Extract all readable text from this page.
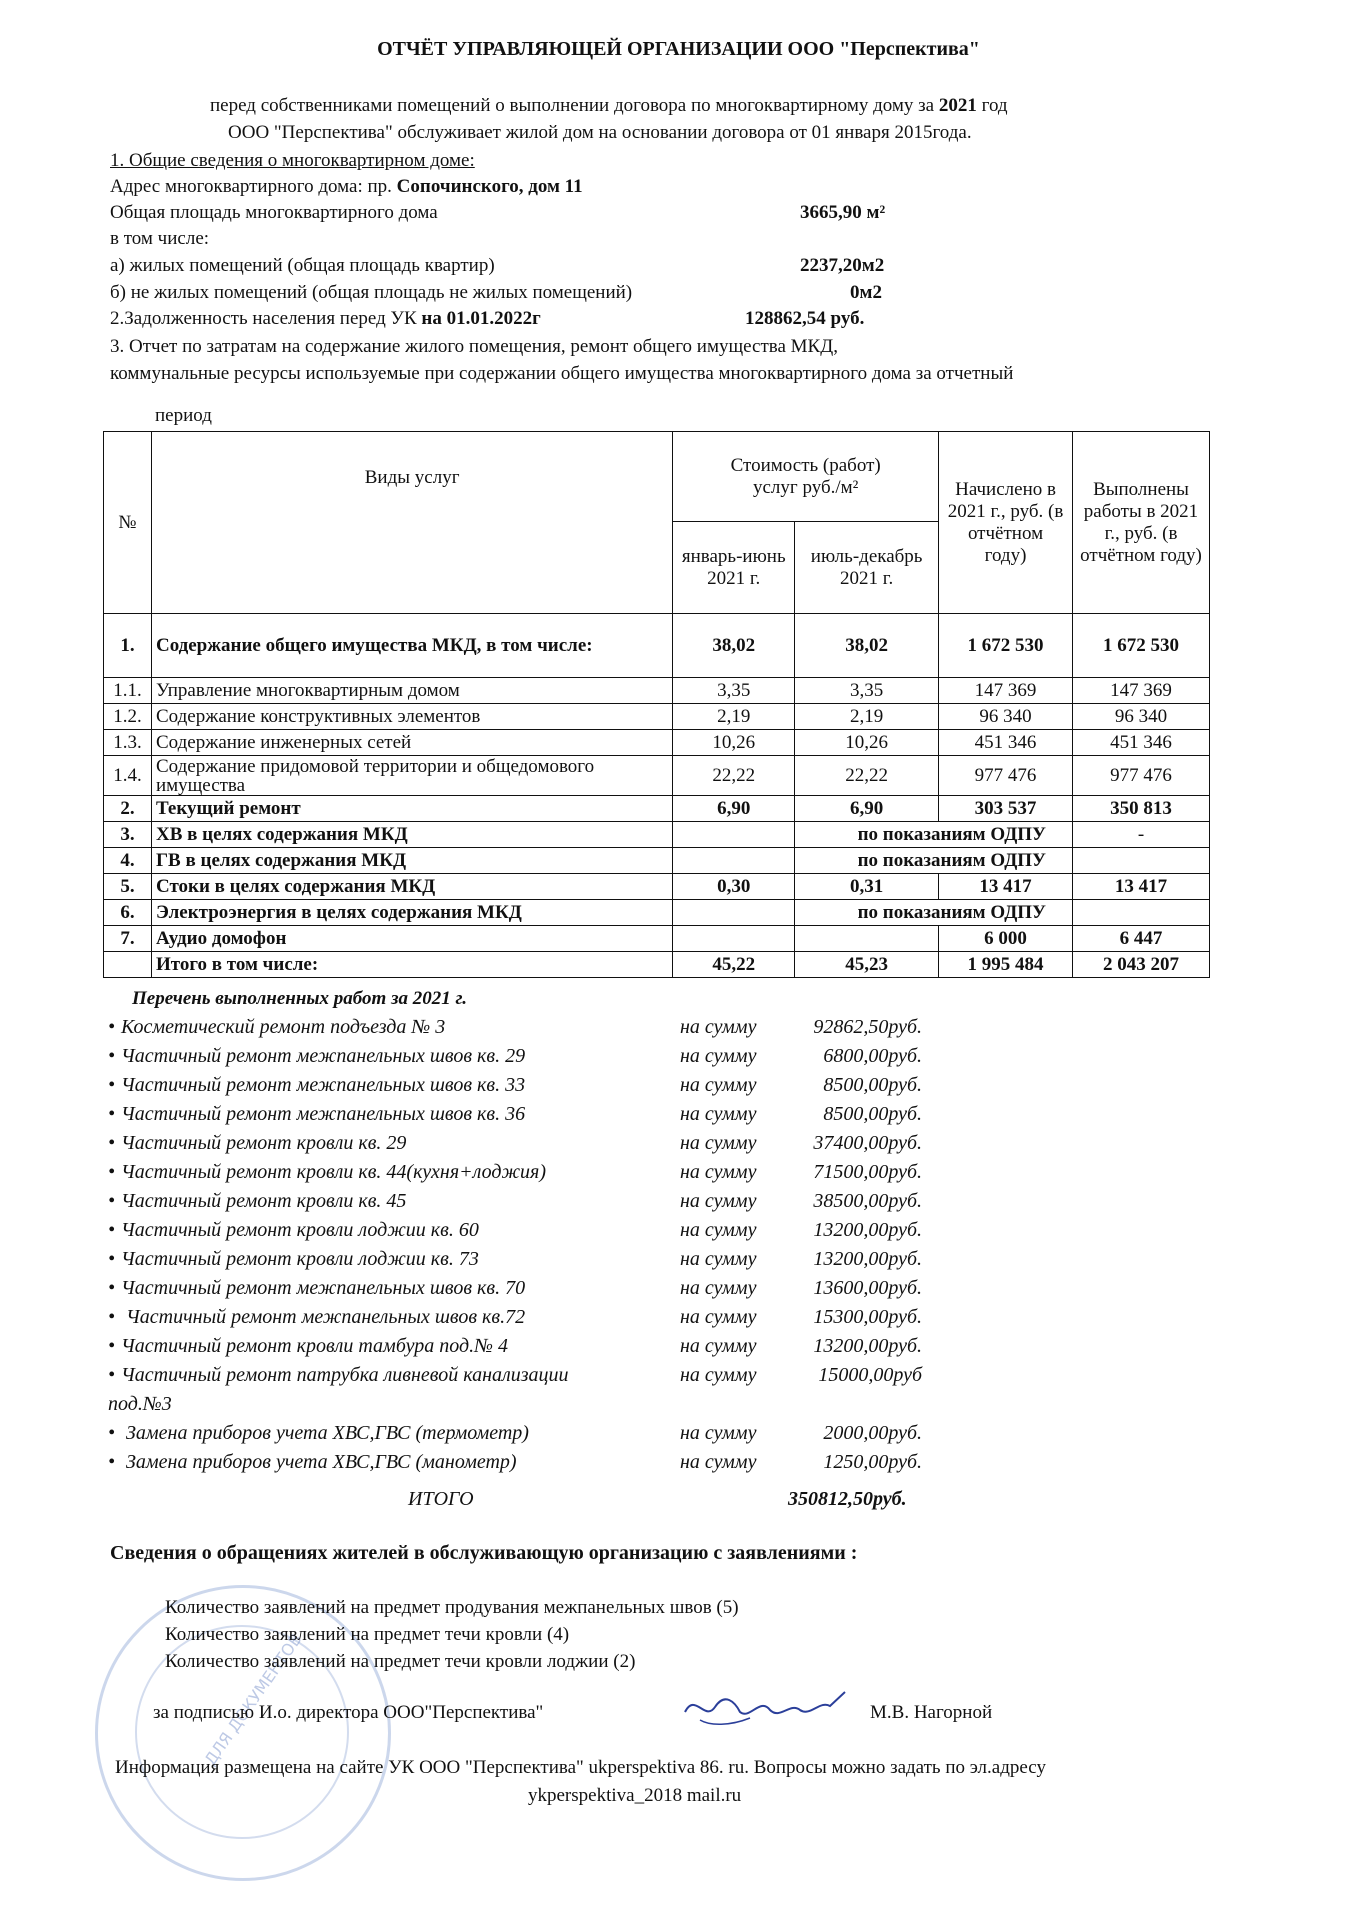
ОТЧЁТ УПРАВЛЯЮЩЕЙ ОРГАНИЗАЦИИ ООО "Перспектива"
перед собственниками помещений о выполнении договора по многоквартирному дому за 2021 год
ООО "Перспектива" обслуживает жилой дом на основании договора от 01 января 2015года.
1. Общие сведения о многоквартирном доме:
Адрес многоквартирного дома: пр. Сопочинского, дом 11
Общая площадь многоквартирного дома	3665,90 м²
в том числе:
а) жилых помещений (общая площадь квартир)	2237,20м2
б) не жилых помещений (общая площадь не жилых помещений)	0м2
2.Задолженность населения перед УК на 01.01.2022г	128862,54 руб.
3. Отчет по затратам на содержание жилого помещения, ремонт общего имущества МКД,
коммунальные ресурсы используемые при содержании общего имущества многоквартирного дома за отчетный
период
№	Виды услуг	Стоимость (работ) услуг руб./м²		Начислено в 2021 г., руб. (в отчётном году)	Выполнены работы в 2021 г., руб. (в отчётном году)
		январь-июнь 2021 г.	июль-декабрь 2021 г.		
1.	Содержание общего имущества МКД, в том числе:	38,02	38,02	1 672 530	1 672 530
1.1.	Управление многоквартирным домом	3,35	3,35	147 369	147 369
1.2.	Содержание конструктивных элементов	2,19	2,19	96 340	96 340
1.3.	Содержание инженерных сетей	10,26	10,26	451 346	451 346
1.4.	Содержание придомовой территории и общедомового имущества	22,22	22,22	977 476	977 476
2.	Текущий ремонт	6,90	6,90	303 537	350 813
3.	ХВ в целях содержания МКД		по показаниям ОДПУ		-
4.	ГВ в целях содержания МКД		по показаниям ОДПУ		
5.	Стоки в целях содержания МКД	0,30	0,31	13 417	13 417
6.	Электроэнергия в целях содержания МКД		по показаниям ОДПУ		
7.	Аудио домофон			6 000	6 447
	Итого в том числе:	45,22	45,23	1 995 484	2 043 207
Перечень выполненных работ за 2021 г.
• Косметический ремонт подъезда № 3	на сумму	92862,50руб.
• Частичный ремонт межпанельных швов кв. 29	на сумму	6800,00руб.
• Частичный ремонт межпанельных швов кв. 33	на сумму	8500,00руб.
• Частичный ремонт межпанельных швов кв. 36	на сумму	8500,00руб.
• Частичный ремонт кровли кв. 29	на сумму	37400,00руб.
• Частичный ремонт кровли кв. 44(кухня+лоджия)	на сумму	71500,00руб.
• Частичный ремонт кровли кв. 45	на сумму	38500,00руб.
• Частичный ремонт кровли лоджии кв. 60	на сумму	13200,00руб.
• Частичный ремонт кровли лоджии кв. 73	на сумму	13200,00руб.
• Частичный ремонт межпанельных швов кв. 70	на сумму	13600,00руб.
• Частичный ремонт межпанельных швов кв.72	на сумму	15300,00руб.
• Частичный ремонт кровли тамбура под.№ 4	на сумму	13200,00руб.
• Частичный ремонт патрубка ливневой канализации	на сумму	15000,00руб
под.№3
• Замена приборов учета ХВС,ГВС (термометр)	на сумму	2000,00руб.
• Замена приборов учета ХВС,ГВС (манометр)	на сумму	1250,00руб.
ИТОГО	350812,50руб.
ДЛЯ ДОКУМЕНТОВ
Сведения о обращениях жителей в обслуживающую организацию с заявлениями :
Количество заявлений на предмет продувания межпанельных швов (5)
Количество заявлений на предмет течи кровли (4)
Количество заявлений на предмет течи кровли лоджии (2)
за подписью И.о. директора ООО"Перспектива"	М.В. Нагорной
Информация размещена на сайте УК ООО "Перспектива" ukperspektiva 86. ru. Вопросы можно задать по эл.адресу
ykperspektiva_2018 mail.ru
